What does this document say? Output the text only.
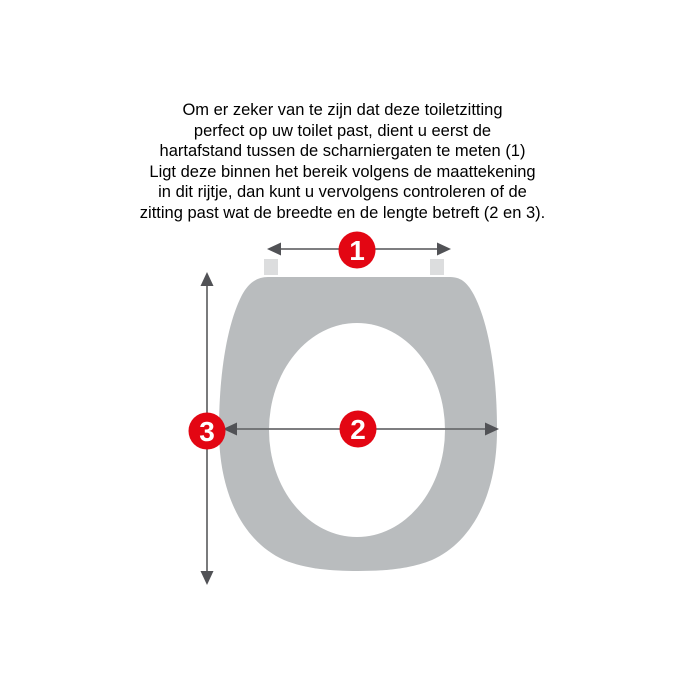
Om er zeker van te zijn dat deze toiletzitting
perfect op uw toilet past, dient u eerst de
hartafstand tussen de scharniergaten te meten (1)
Ligt deze binnen het bereik volgens de maattekening
in dit rijtje, dan kunt u vervolgens controleren of de
zitting past wat de breedte en de lengte betreft (2 en 3).
1
2
3
